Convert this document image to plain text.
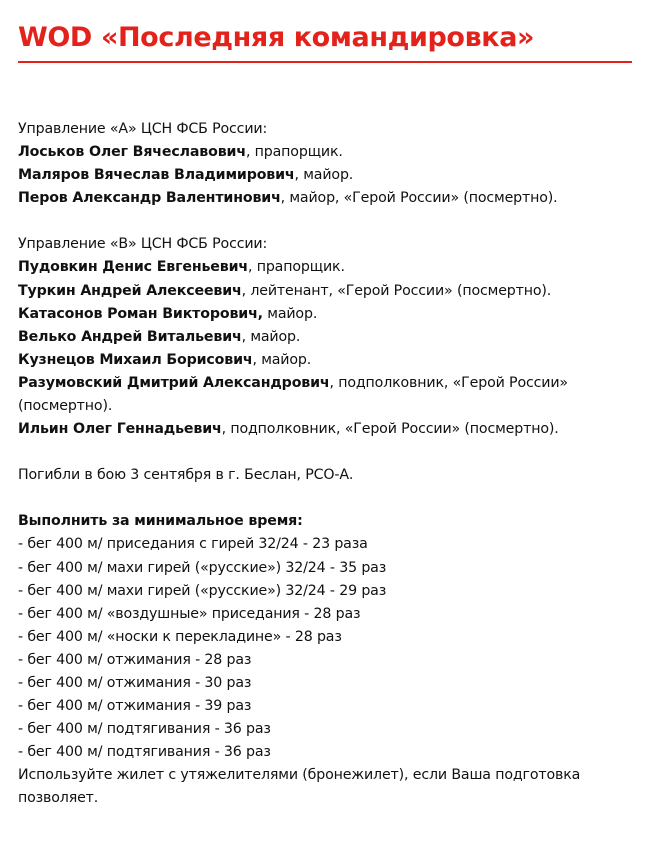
WOD «Последняя командировка»
Управление «А» ЦСН ФСБ России:
Лоськов Олег Вячеславович, прапорщик.
Маляров Вячеслав Владимирович, майор.
Перов Александр Валентинович, майор, «Герой России» (посмертно).
Управление «В» ЦСН ФСБ России:
Пудовкин Денис Евгеньевич, прапорщик.
Туркин Андрей Алексеевич, лейтенант, «Герой России» (посмертно).
Катасонов Роман Викторович, майор.
Велько Андрей Витальевич, майор.
Кузнецов Михаил Борисович, майор.
Разумовский Дмитрий Александрович, подполковник, «Герой России»
(посмертно).
Ильин Олег Геннадьевич, подполковник, «Герой России» (посмертно).
Погибли в бою 3 сентября в г. Беслан, РСО-А.
Выполнить за минимальное время:
- бег 400 м/ приседания с гирей 32/24 - 23 раза
- бег 400 м/ махи гирей («русские») 32/24 - 35 раз
- бег 400 м/ махи гирей («русские») 32/24 - 29 раз
- бег 400 м/ «воздушные» приседания - 28 раз
- бег 400 м/ «носки к перекладине» - 28 раз
- бег 400 м/ отжимания - 28 раз
- бег 400 м/ отжимания - 30 раз
- бег 400 м/ отжимания - 39 раз
- бег 400 м/ подтягивания - 36 раз
- бег 400 м/ подтягивания - 36 раз
Используйте жилет с утяжелителями (бронежилет), если Ваша подготовка
позволяет.
